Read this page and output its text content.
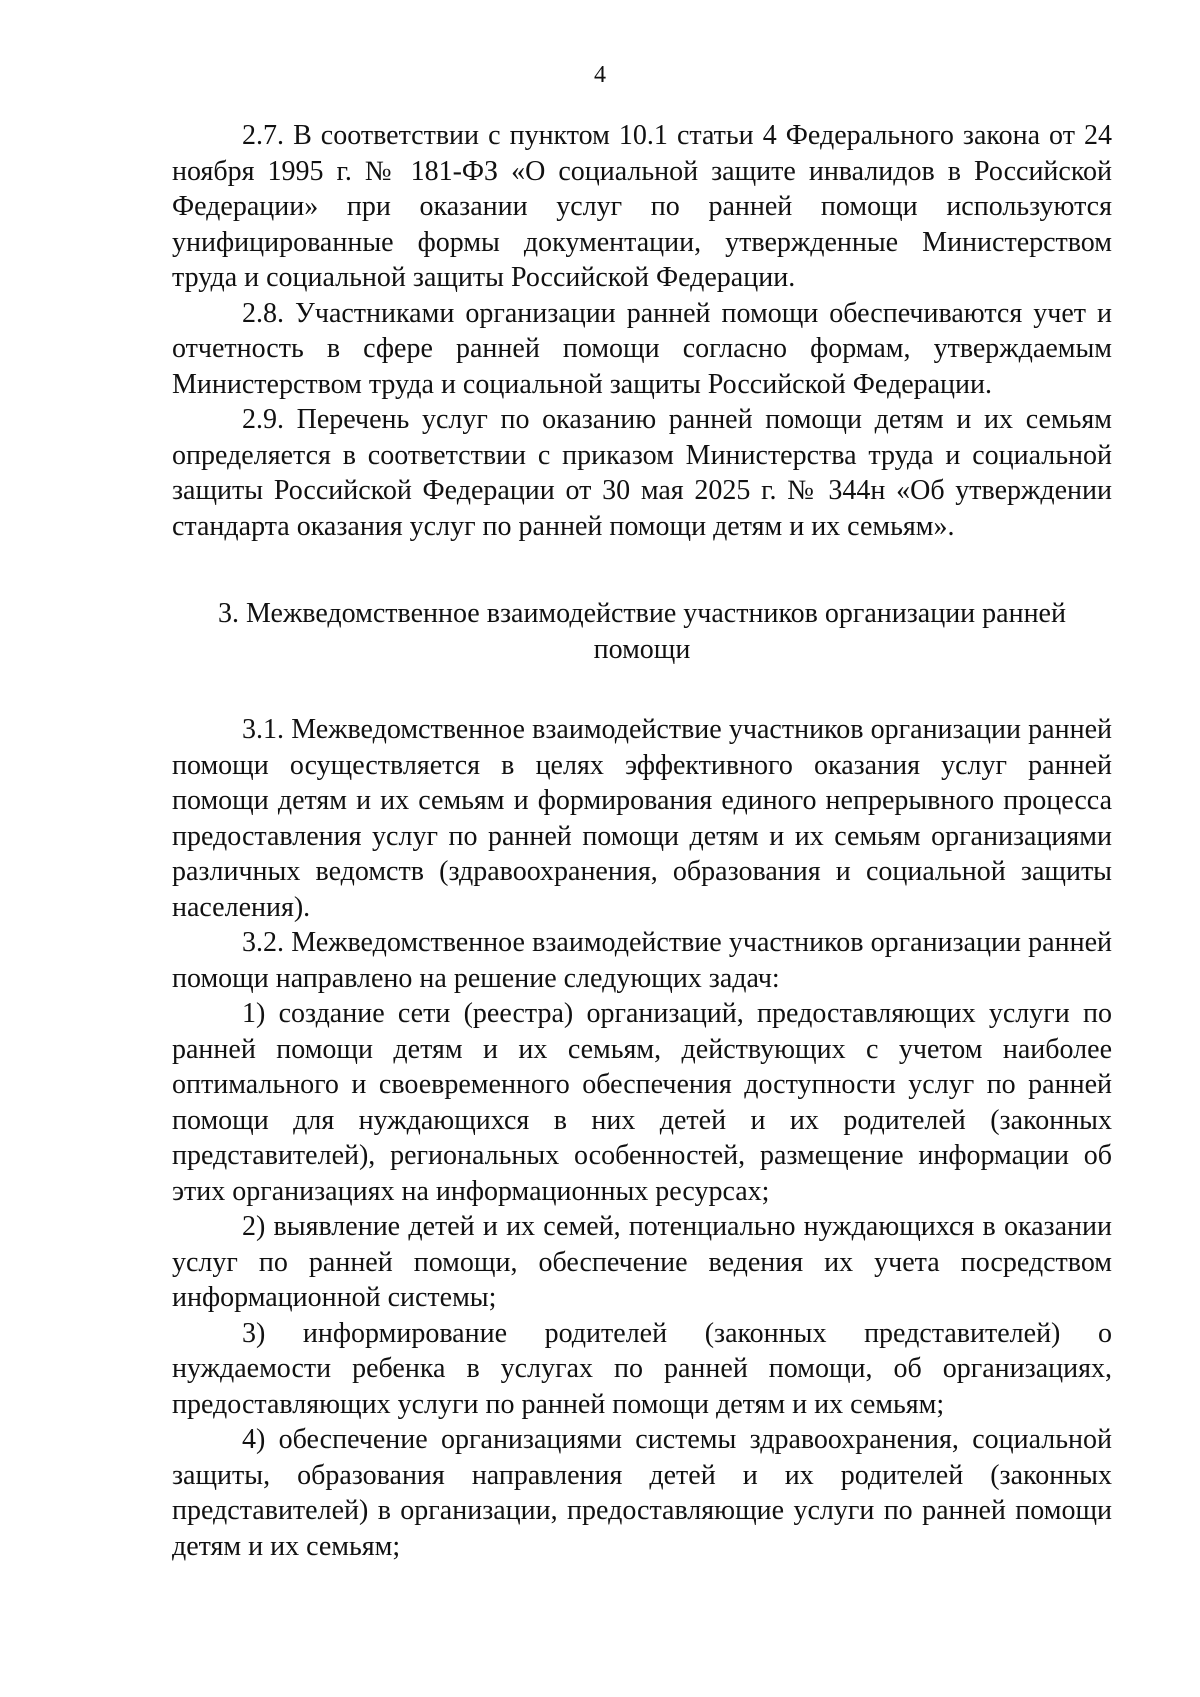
4

2.7. В соответствии с пунктом 10.1 статьи 4 Федерального закона от 24 ноября 1995 г. № 181-ФЗ «О социальной защите инвалидов в Российской Федерации» при оказании услуг по ранней помощи используются унифицированные формы документации, утвержденные Министерством труда и социальной защиты Российской Федерации.

2.8. Участниками организации ранней помощи обеспечиваются учет и отчетность в сфере ранней помощи согласно формам, утверждаемым Министерством труда и социальной защиты Российской Федерации.

2.9. Перечень услуг по оказанию ранней помощи детям и их семьям определяется в соответствии с приказом Министерства труда и социальной защиты Российской Федерации от 30 мая 2025 г. № 344н «Об утверждении стандарта оказания услуг по ранней помощи детям и их семьям».

3. Межведомственное взаимодействие участников организации ранней помощи

3.1. Межведомственное взаимодействие участников организации ранней помощи осуществляется в целях эффективного оказания услуг ранней помощи детям и их семьям и формирования единого непрерывного процесса предоставления услуг по ранней помощи детям и их семьям организациями различных ведомств (здравоохранения, образования и социальной защиты населения).

3.2. Межведомственное взаимодействие участников организации ранней помощи направлено на решение следующих задач:

1) создание сети (реестра) организаций, предоставляющих услуги по ранней помощи детям и их семьям, действующих с учетом наиболее оптимального и своевременного обеспечения доступности услуг по ранней помощи для нуждающихся в них детей и их родителей (законных представителей), региональных особенностей, размещение информации об этих организациях на информационных ресурсах;

2) выявление детей и их семей, потенциально нуждающихся в оказании услуг по ранней помощи, обеспечение ведения их учета посредством информационной системы;

3) информирование родителей (законных представителей) о нуждаемости ребенка в услугах по ранней помощи, об организациях, предоставляющих услуги по ранней помощи детям и их семьям;

4) обеспечение организациями системы здравоохранения, социальной защиты, образования направления детей и их родителей (законных представителей) в организации, предоставляющие услуги по ранней помощи детям и их семьям;
